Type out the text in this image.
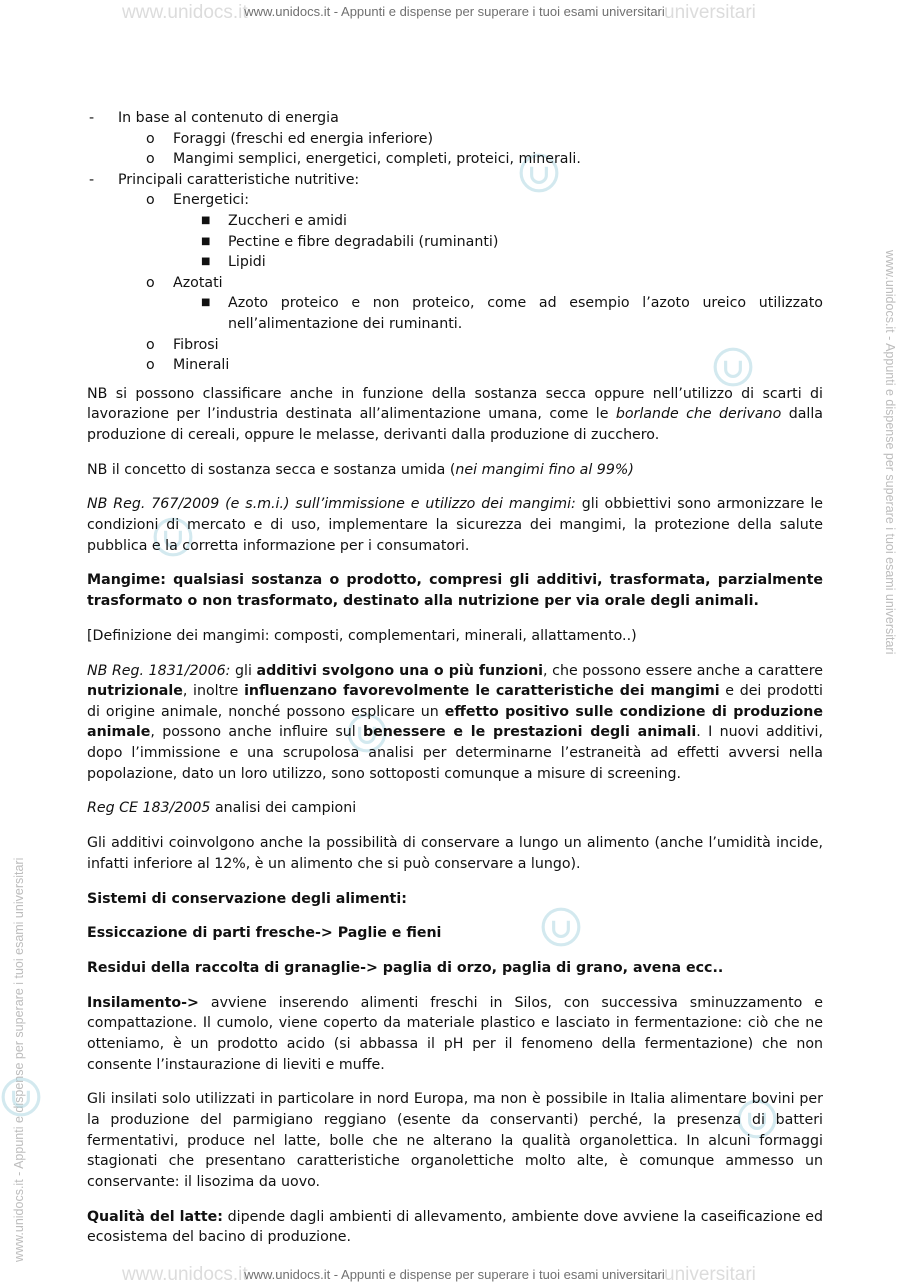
www.unidocs.it	universitari
www.unidocs.it - Appunti e dispense per superare i tuoi esami universitari
www.unidocs.it	universitari
www.unidocs.it - Appunti e dispense per superare i tuoi esami universitari
www.unidocs.it - Appunti e dispense per superare i tuoi esami universitari
www.unidocs.it - Appunti e dispense per superare i tuoi esami universitari
- In base al contenuto di energia
o Foraggi (freschi ed energia inferiore)
o Mangimi semplici, energetici, completi, proteici, minerali.
- Principali caratteristiche nutritive:
o Energetici:
■ Zuccheri e amidi
■ Pectine e fibre degradabili (ruminanti)
■ Lipidi
o Azotati
■ Azoto proteico e non proteico, come ad esempio l’azoto ureico utilizzato nell’alimentazione dei ruminanti.
o Fibrosi
o Minerali

NB si possono classificare anche in funzione della sostanza secca oppure nell’utilizzo di scarti di lavorazione per l’industria destinata all’alimentazione umana, come le borlande che derivano dalla produzione di cereali, oppure le melasse, derivanti dalla produzione di zucchero.

NB il concetto di sostanza secca e sostanza umida (nei mangimi fino al 99%)

NB Reg. 767/2009 (e s.m.i.) sull’immissione e utilizzo dei mangimi: gli obbiettivi sono armonizzare le condizioni di mercato e di uso, implementare la sicurezza dei mangimi, la protezione della salute pubblica e la corretta informazione per i consumatori.

Mangime: qualsiasi sostanza o prodotto, compresi gli additivi, trasformata, parzialmente trasformato o non trasformato, destinato alla nutrizione per via orale degli animali.

[Definizione dei mangimi: composti, complementari, minerali, allattamento..)

NB Reg. 1831/2006: gli additivi svolgono una o più funzioni, che possono essere anche a carattere nutrizionale, inoltre influenzano favorevolmente le caratteristiche dei mangimi e dei prodotti di origine animale, nonché possono esplicare un effetto positivo sulle condizione di produzione animale, possono anche influire sul benessere e le prestazioni degli animali. I nuovi additivi, dopo l’immissione e una scrupolosa analisi per determinarne l’estraneità ad effetti avversi nella popolazione, dato un loro utilizzo, sono sottoposti comunque a misure di screening.

Reg CE 183/2005 analisi dei campioni

Gli additivi coinvolgono anche la possibilità di conservare a lungo un alimento (anche l’umidità incide, infatti inferiore al 12%, è un alimento che si può conservare a lungo).

Sistemi di conservazione degli alimenti:

Essiccazione di parti fresche-> Paglie e fieni

Residui della raccolta di granaglie-> paglia di orzo, paglia di grano, avena ecc..

Insilamento-> avviene inserendo alimenti freschi in Silos, con successiva sminuzzamento e compattazione. Il cumolo, viene coperto da materiale plastico e lasciato in fermentazione: ciò che ne otteniamo, è un prodotto acido (si abbassa il pH per il fenomeno della fermentazione) che non consente l’instaurazione di lieviti e muffe.

Gli insilati solo utilizzati in particolare in nord Europa, ma non è possibile in Italia alimentare bovini per la produzione del parmigiano reggiano (esente da conservanti) perché, la presenza di batteri fermentativi, produce nel latte, bolle che ne alterano la qualità organolettica. In alcuni formaggi stagionati che presentano caratteristiche organolettiche molto alte, è comunque ammesso un conservante: il lisozima da uovo.

Qualità del latte: dipende dagli ambienti di allevamento, ambiente dove avviene la caseificazione ed ecosistema del bacino di produzione.
